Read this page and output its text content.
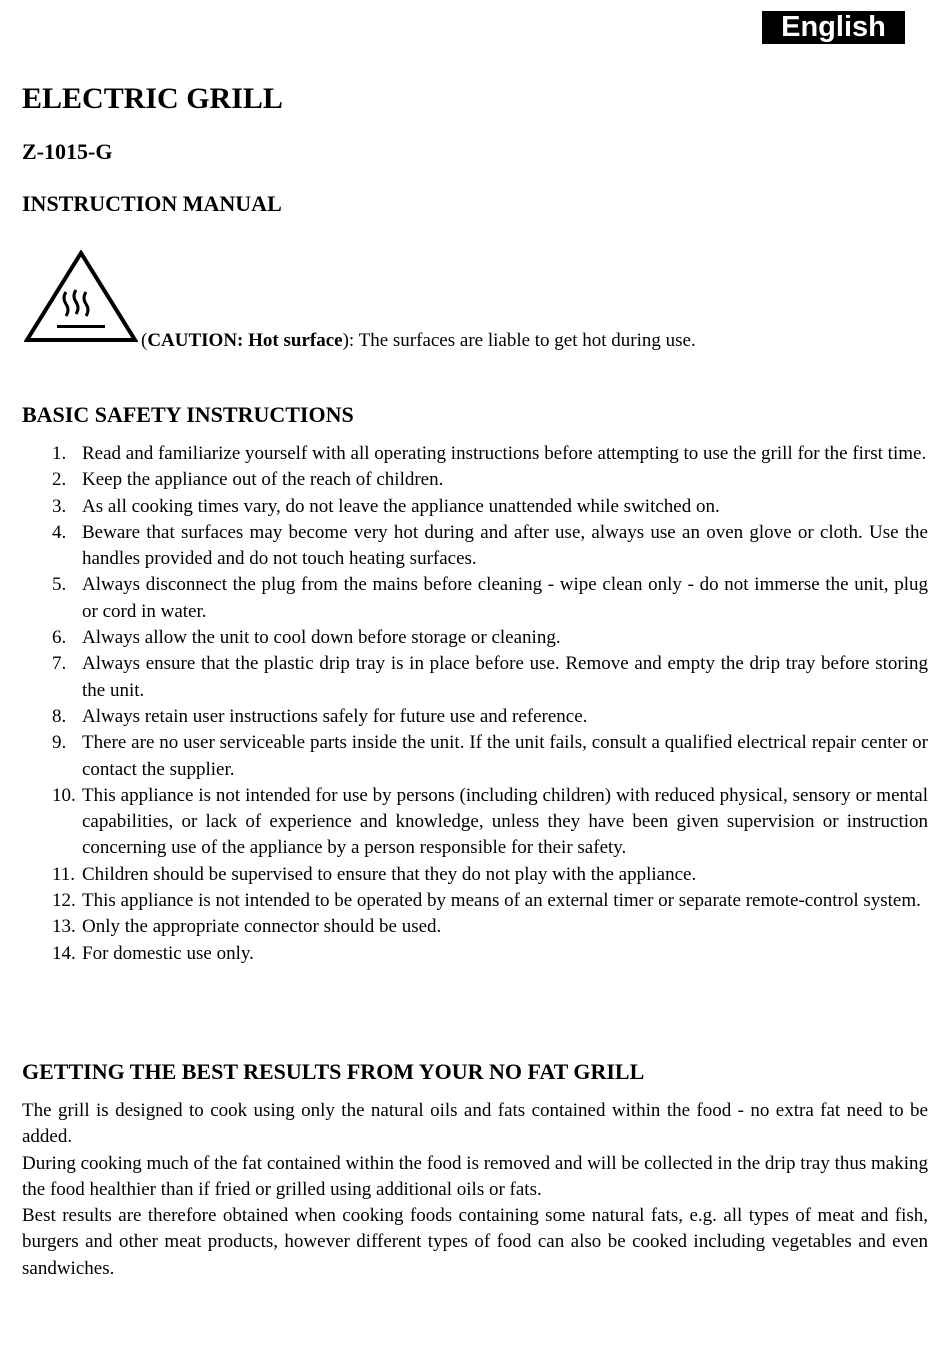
English
ELECTRIC GRILL
Z-1015-G
INSTRUCTION MANUAL
(CAUTION: Hot surface): The surfaces are liable to get hot during use.
BASIC SAFETY INSTRUCTIONS
1. Read and familiarize yourself with all operating instructions before attempting to use the grill for the first time.
2. Keep the appliance out of the reach of children.
3. As all cooking times vary, do not leave the appliance unattended while switched on.
4. Beware that surfaces may become very hot during and after use, always use an oven glove or cloth. Use the handles provided and do not touch heating surfaces.
5. Always disconnect the plug from the mains before cleaning - wipe clean only - do not immerse the unit, plug or cord in water.
6. Always allow the unit to cool down before storage or cleaning.
7. Always ensure that the plastic drip tray is in place before use. Remove and empty the drip tray before storing the unit.
8. Always retain user instructions safely for future use and reference.
9. There are no user serviceable parts inside the unit. If the unit fails, consult a qualified electrical repair center or contact the supplier.
10. This appliance is not intended for use by persons (including children) with reduced physical, sensory or mental capabilities, or lack of experience and knowledge, unless they have been given supervision or instruction concerning use of the appliance by a person responsible for their safety.
11. Children should be supervised to ensure that they do not play with the appliance.
12. This appliance is not intended to be operated by means of an external timer or separate remote-control system.
13. Only the appropriate connector should be used.
14. For domestic use only.
GETTING THE BEST RESULTS FROM YOUR NO FAT GRILL

The grill is designed to cook using only the natural oils and fats contained within the food - no extra fat need to be added.

During cooking much of the fat contained within the food is removed and will be collected in the drip tray thus making the food healthier than if fried or grilled using additional oils or fats.

Best results are therefore obtained when cooking foods containing some natural fats, e.g. all types of meat and fish, burgers and other meat products, however different types of food can also be cooked including vegetables and even sandwiches.
